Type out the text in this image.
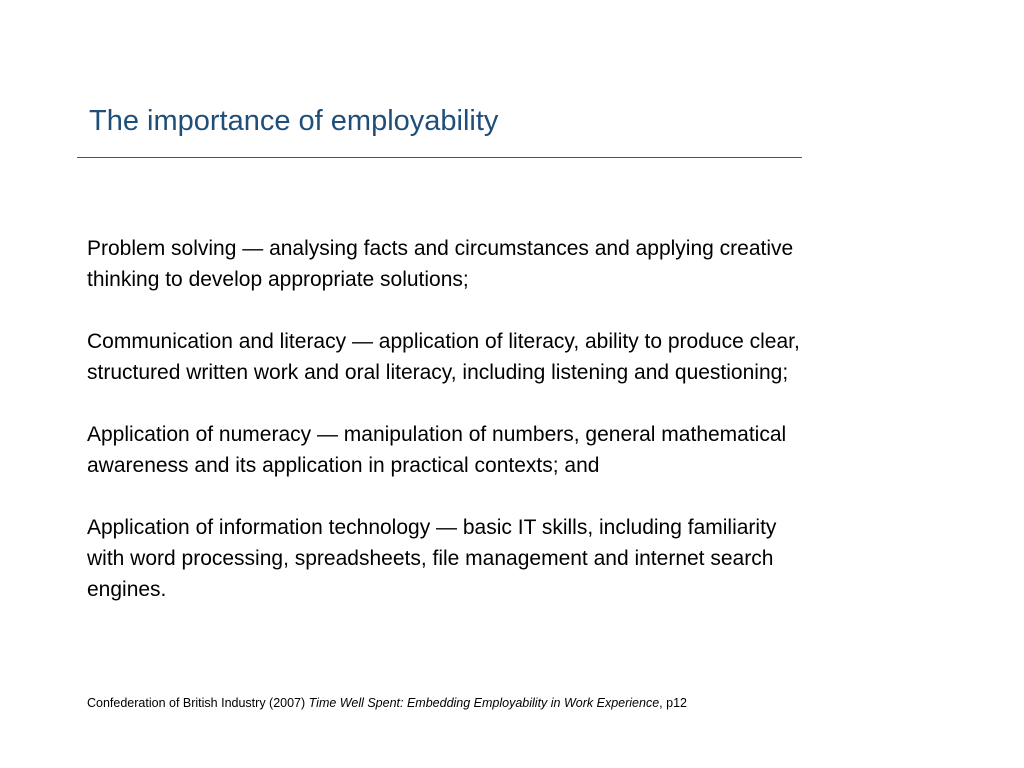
The importance of employability

Problem solving — analysing facts and circumstances and applying creative
thinking to develop appropriate solutions;

Communication and literacy — application of literacy, ability to produce clear,
structured written work and oral literacy, including listening and questioning;

Application of numeracy — manipulation of numbers, general mathematical
awareness and its application in practical contexts; and

Application of information technology — basic IT skills, including familiarity
with word processing, spreadsheets, file management and internet search
engines.

Confederation of British Industry (2007) Time Well Spent: Embedding Employability in Work Experience, p12
